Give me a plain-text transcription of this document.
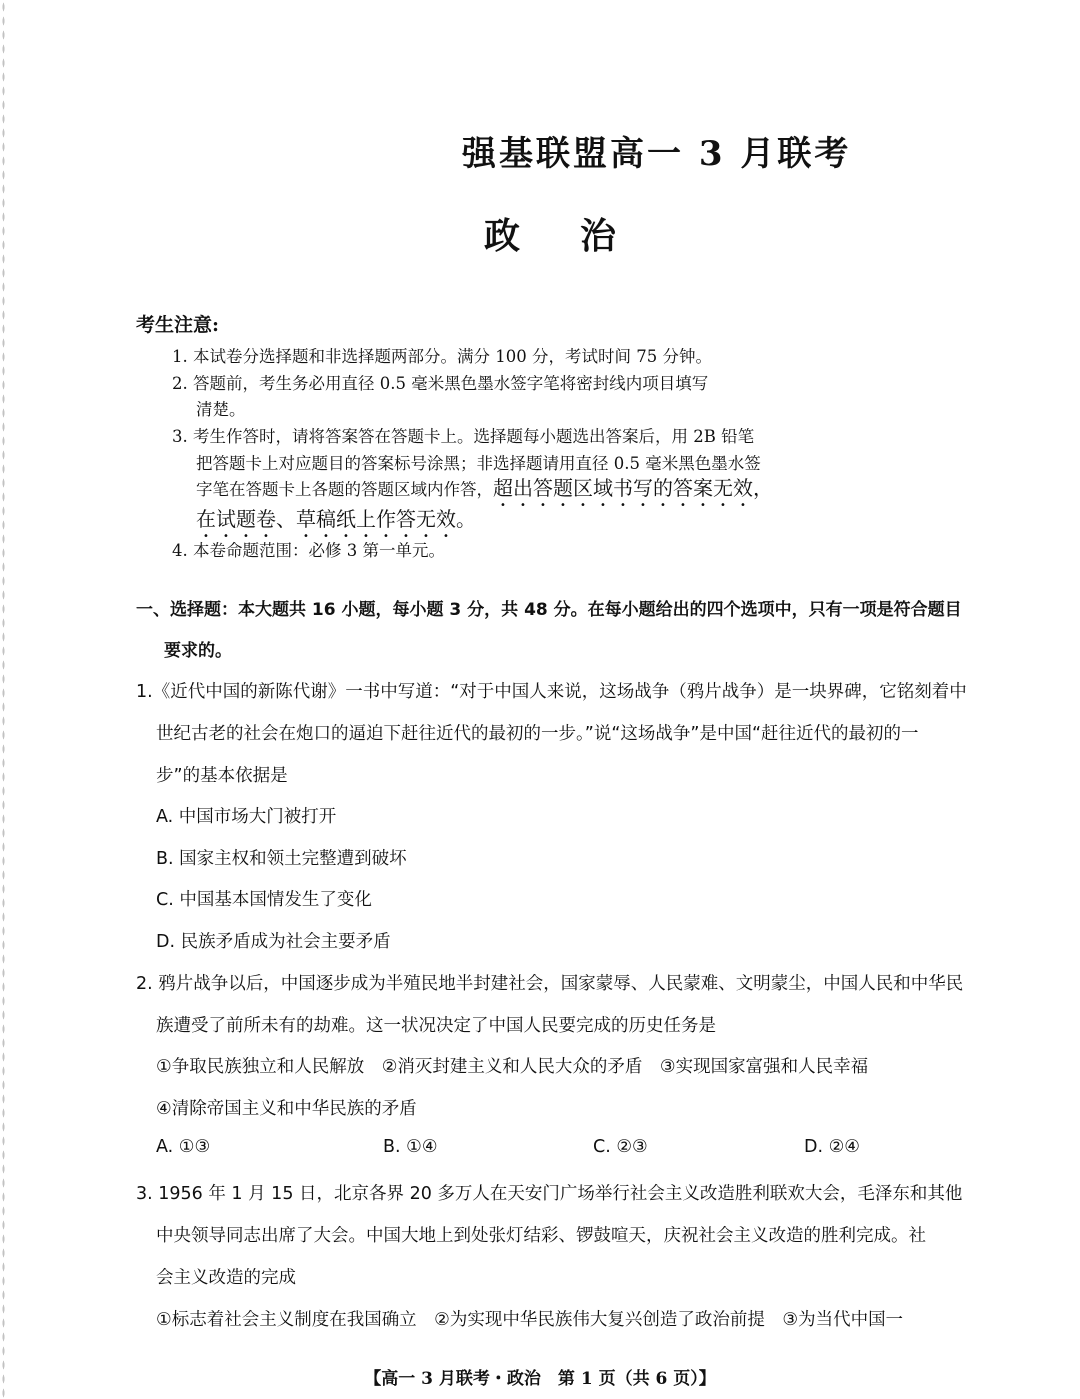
强基联盟高一 3 月联考
政治
考生注意:
1. 本试卷分选择题和非选择题两部分。满分 100 分，考试时间 75 分钟。
2. 答题前，考生务必用直径 0.5 毫米黑色墨水签字笔将密封线内项目填写
清楚。
3. 考生作答时，请将答案答在答题卡上。选择题每小题选出答案后，用 2B 铅笔
把答题卡上对应题目的答案标号涂黑；非选择题请用直径 0.5 毫米黑色墨水签
字笔在答题卡上各题的答题区域内作答，超出答题区域书写的答案无效，
在试题卷、草稿纸上作答无效。
4. 本卷命题范围：必修 3 第一单元。
一、选择题：本大题共 16 小题，每小题 3 分，共 48 分。在每小题给出的四个选项中，只有一项是符合题目
要求的。
1.《近代中国的新陈代谢》一书中写道：“对于中国人来说，这场战争（鸦片战争）是一块界碑，它铭刻着中
世纪古老的社会在炮口的逼迫下赶往近代的最初的一步。”说“这场战争”是中国“赶往近代的最初的一
步”的基本依据是
A. 中国市场大门被打开
B. 国家主权和领土完整遭到破坏
C. 中国基本国情发生了变化
D. 民族矛盾成为社会主要矛盾
2. 鸦片战争以后，中国逐步成为半殖民地半封建社会，国家蒙辱、人民蒙难、文明蒙尘，中国人民和中华民
族遭受了前所未有的劫难。这一状况决定了中国人民要完成的历史任务是
①争取民族独立和人民解放　②消灭封建主义和人民大众的矛盾　③实现国家富强和人民幸福
④清除帝国主义和中华民族的矛盾
A. ①③	B. ①④	C. ②③	D. ②④
3. 1956 年 1 月 15 日，北京各界 20 多万人在天安门广场举行社会主义改造胜利联欢大会，毛泽东和其他
中央领导同志出席了大会。中国大地上到处张灯结彩、锣鼓喧天，庆祝社会主义改造的胜利完成。社
会主义改造的完成
①标志着社会主义制度在我国确立　②为实现中华民族伟大复兴创造了政治前提　③为当代中国一
【高一 3 月联考・政治　第 1 页（共 6 页）】
